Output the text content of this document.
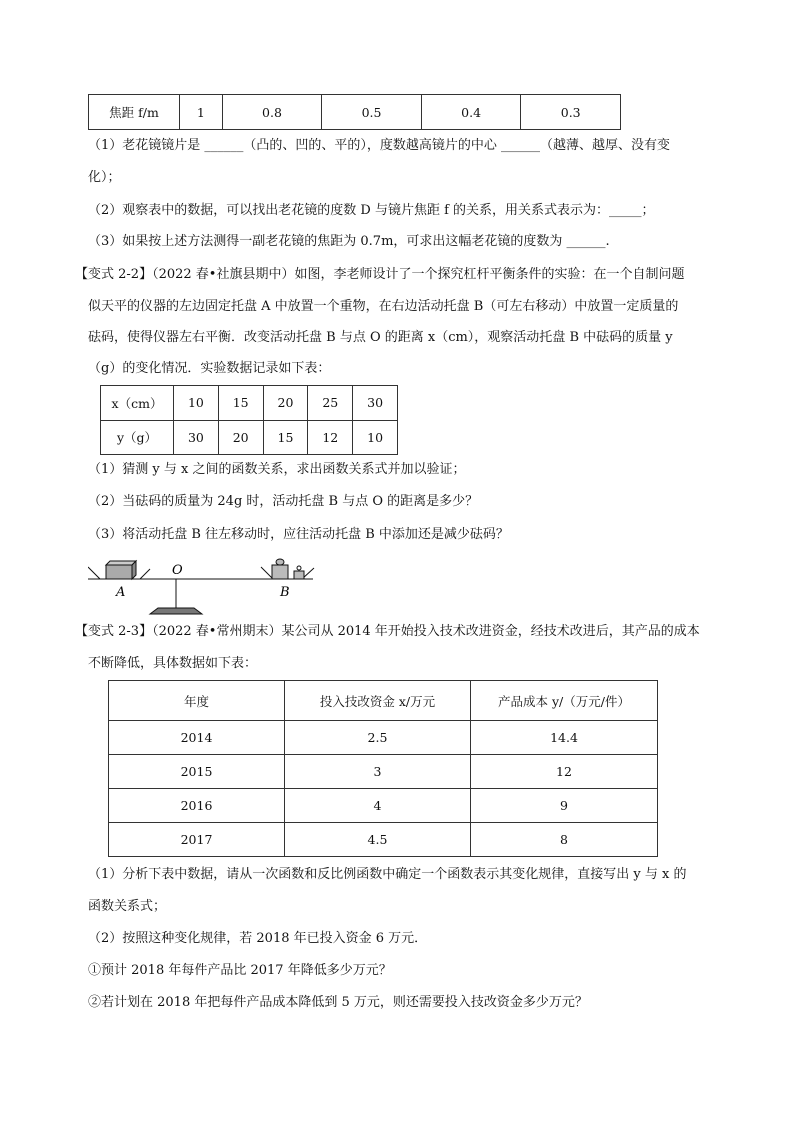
焦距 f/m	1	0.8	0.5	0.4	0.3
（1）老花镜镜片是 ______（凸的、凹的、平的），度数越高镜片的中心 ______（越薄、越厚、没有变
化）；
（2）观察表中的数据，可以找出老花镜的度数 D 与镜片焦距 f 的关系，用关系式表示为：_____；
（3）如果按上述方法测得一副老花镜的焦距为 0.7m，可求出这幅老花镜的度数为 ______.
【变式 2-2】（2022 春•社旗县期中）如图，李老师设计了一个探究杠杆平衡条件的实验：在一个自制问题
似天平的仪器的左边固定托盘 A 中放置一个重物，在右边活动托盘 B（可左右移动）中放置一定质量的
砝码，使得仪器左右平衡．改变活动托盘 B 与点 O 的距离 x（cm），观察活动托盘 B 中砝码的质量 y
（g）的变化情况．实验数据记录如下表：
x（cm）	10	15	20	25	30
y（g）	30	20	15	12	10
（1）猜测 y 与 x 之间的函数关系，求出函数关系式并加以验证；
（2）当砝码的质量为 24g 时，活动托盘 B 与点 O 的距离是多少？
（3）将活动托盘 B 往左移动时，应往活动托盘 B 中添加还是减少砝码？
A
O
B
【变式 2-3】（2022 春•常州期末）某公司从 2014 年开始投入技术改进资金，经技术改进后，其产品的成本
不断降低，具体数据如下表：
年度	投入技改资金 x/万元	产品成本 y/（万元/件）
2014	2.5	14.4
2015	3	12
2016	4	9
2017	4.5	8
（1）分析下表中数据，请从一次函数和反比例函数中确定一个函数表示其变化规律，直接写出 y 与 x 的
函数关系式；
（2）按照这种变化规律，若 2018 年已投入资金 6 万元．
①预计 2018 年每件产品比 2017 年降低多少万元？
②若计划在 2018 年把每件产品成本降低到 5 万元，则还需要投入技改资金多少万元？
